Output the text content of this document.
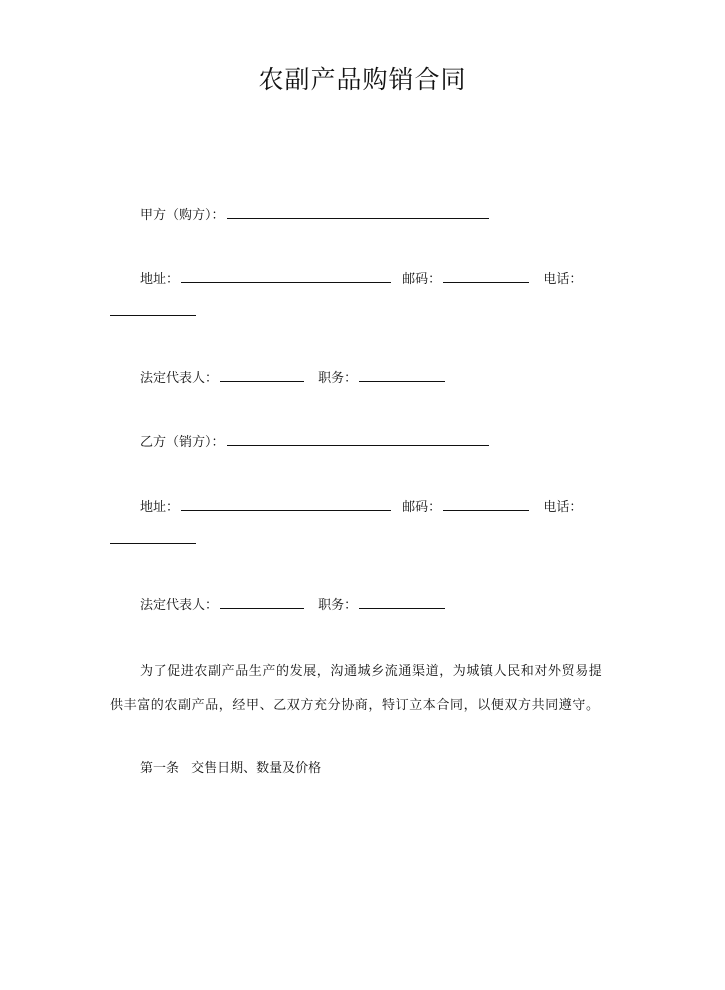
农副产品购销合同
甲方（购方）：
地址：	邮码：	电话：
法定代表人：	职务：
乙方（销方）：
地址：	邮码：	电话：
法定代表人：	职务：
为了促进农副产品生产的发展，沟通城乡流通渠道，为城镇人民和对外贸易提
供丰富的农副产品，经甲、乙双方充分协商，特订立本合同，以便双方共同遵守。
第一条 交售日期、数量及价格
